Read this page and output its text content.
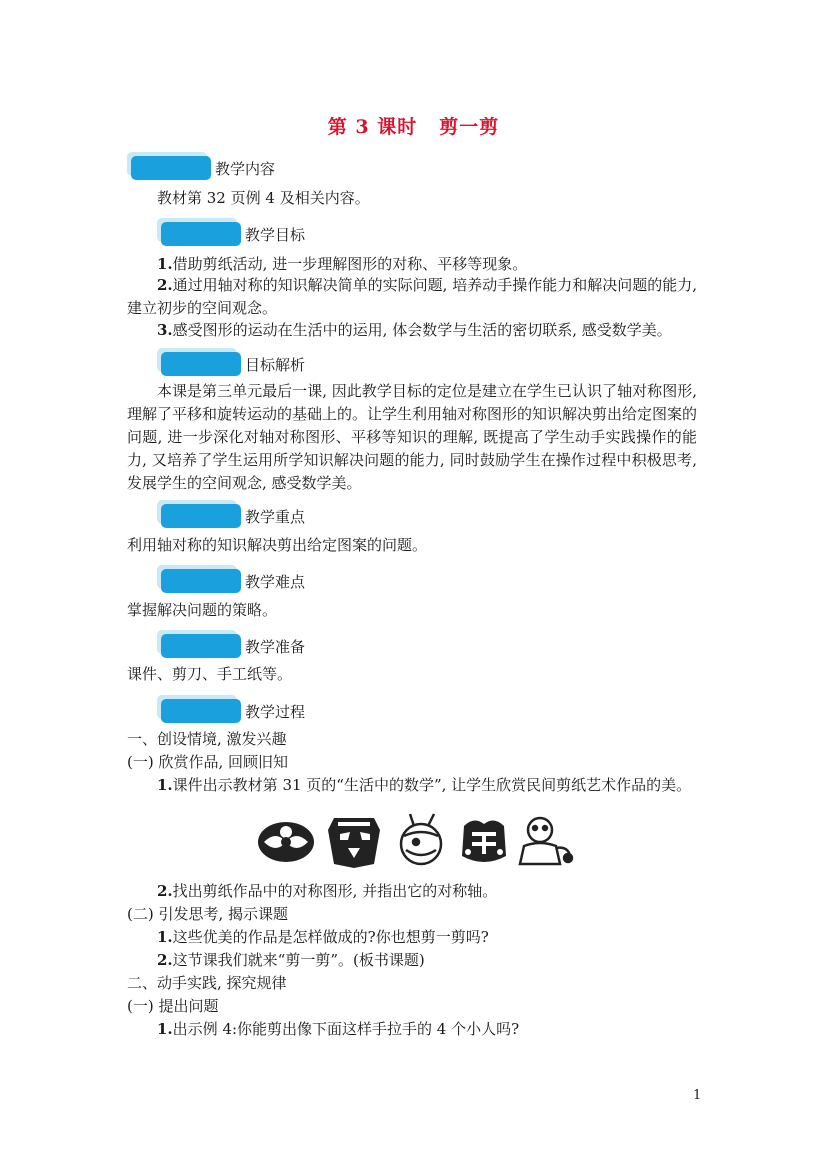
第 3 课时 剪一剪
教学内容
教材第 32 页例 4 及相关内容。
教学目标
1.借助剪纸活动, 进一步理解图形的对称、平移等现象。
2.通过用轴对称的知识解决简单的实际问题, 培养动手操作能力和解决问题的能力, 建立初步的空间观念。
3.感受图形的运动在生活中的运用, 体会数学与生活的密切联系, 感受数学美。
目标解析
本课是第三单元最后一课, 因此教学目标的定位是建立在学生已认识了轴对称图形, 理解了平移和旋转运动的基础上的。让学生利用轴对称图形的知识解决剪出给定图案的问题, 进一步深化对轴对称图形、平移等知识的理解, 既提高了学生动手实践操作的能力, 又培养了学生运用所学知识解决问题的能力, 同时鼓励学生在操作过程中积极思考, 发展学生的空间观念, 感受数学美。
教学重点
利用轴对称的知识解决剪出给定图案的问题。
教学难点
掌握解决问题的策略。
教学准备
课件、剪刀、手工纸等。
教学过程
一、创设情境, 激发兴趣
(一) 欣赏作品, 回顾旧知
1.课件出示教材第 31 页的“生活中的数学”, 让学生欣赏民间剪纸艺术作品的美。
2.找出剪纸作品中的对称图形, 并指出它的对称轴。
(二) 引发思考, 揭示课题
1.这些优美的作品是怎样做成的?你也想剪一剪吗?
2.这节课我们就来“剪一剪”。(板书课题)
二、动手实践, 探究规律
(一) 提出问题
1.出示例 4:你能剪出像下面这样手拉手的 4 个小人吗?
1
